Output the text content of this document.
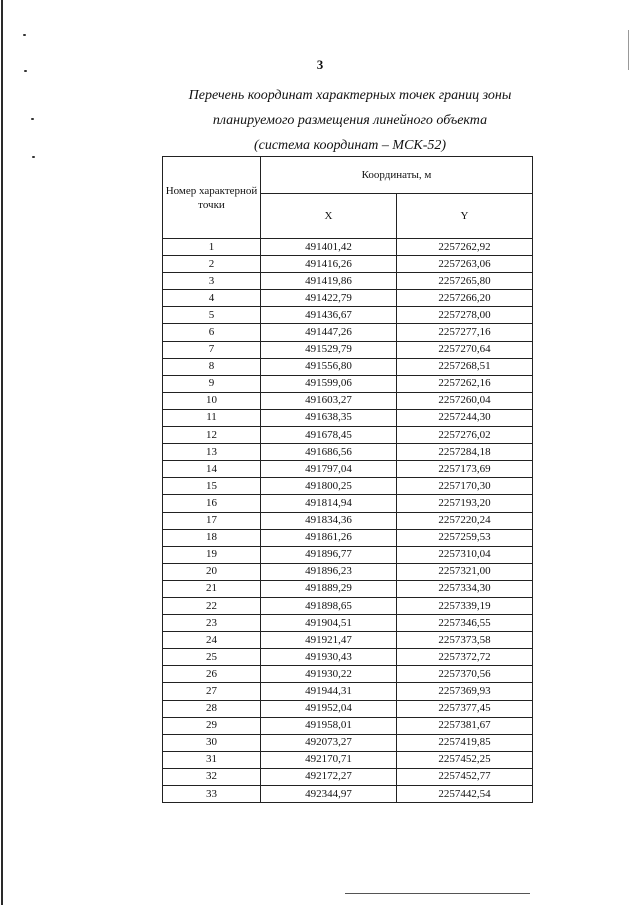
3
Перечень координат характерных точек границ зоны
планируемого размещения линейного объекта
(система координат – МСК-52)
Номер характерной точки	Координаты, м	
	X	Y
1	491401,42	2257262,92
2	491416,26	2257263,06
3	491419,86	2257265,80
4	491422,79	2257266,20
5	491436,67	2257278,00
6	491447,26	2257277,16
7	491529,79	2257270,64
8	491556,80	2257268,51
9	491599,06	2257262,16
10	491603,27	2257260,04
11	491638,35	2257244,30
12	491678,45	2257276,02
13	491686,56	2257284,18
14	491797,04	2257173,69
15	491800,25	2257170,30
16	491814,94	2257193,20
17	491834,36	2257220,24
18	491861,26	2257259,53
19	491896,77	2257310,04
20	491896,23	2257321,00
21	491889,29	2257334,30
22	491898,65	2257339,19
23	491904,51	2257346,55
24	491921,47	2257373,58
25	491930,43	2257372,72
26	491930,22	2257370,56
27	491944,31	2257369,93
28	491952,04	2257377,45
29	491958,01	2257381,67
30	492073,27	2257419,85
31	492170,71	2257452,25
32	492172,27	2257452,77
33	492344,97	2257442,54
